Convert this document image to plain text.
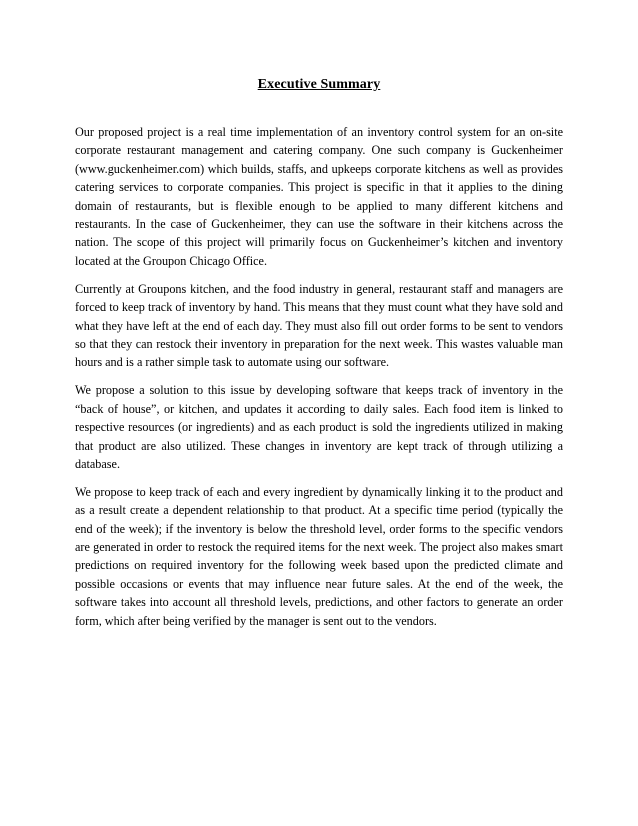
Executive Summary

Our proposed project is a real time implementation of an inventory control system for an on-site corporate restaurant management and catering company. One such company is Guckenheimer (www.guckenheimer.com) which builds, staffs, and upkeeps corporate kitchens as well as provides catering services to corporate companies. This project is specific in that it applies to the dining domain of restaurants, but is flexible enough to be applied to many different kitchens and restaurants. In the case of Guckenheimer, they can use the software in their kitchens across the nation. The scope of this project will primarily focus on Guckenheimer’s kitchen and inventory located at the Groupon Chicago Office.

Currently at Groupons kitchen, and the food industry in general, restaurant staff and managers are forced to keep track of inventory by hand. This means that they must count what they have sold and what they have left at the end of each day. They must also fill out order forms to be sent to vendors so that they can restock their inventory in preparation for the next week. This wastes valuable man hours and is a rather simple task to automate using our software.

We propose a solution to this issue by developing software that keeps track of inventory in the “back of house”, or kitchen, and updates it according to daily sales. Each food item is linked to respective resources (or ingredients) and as each product is sold the ingredients utilized in making that product are also utilized. These changes in inventory are kept track of through utilizing a database.

We propose to keep track of each and every ingredient by dynamically linking it to the product and as a result create a dependent relationship to that product. At a specific time period (typically the end of the week); if the inventory is below the threshold level, order forms to the specific vendors are generated in order to restock the required items for the next week. The project also makes smart predictions on required inventory for the following week based upon the predicted climate and possible occasions or events that may influence near future sales. At the end of the week, the software takes into account all threshold levels, predictions, and other factors to generate an order form, which after being verified by the manager is sent out to the vendors.
